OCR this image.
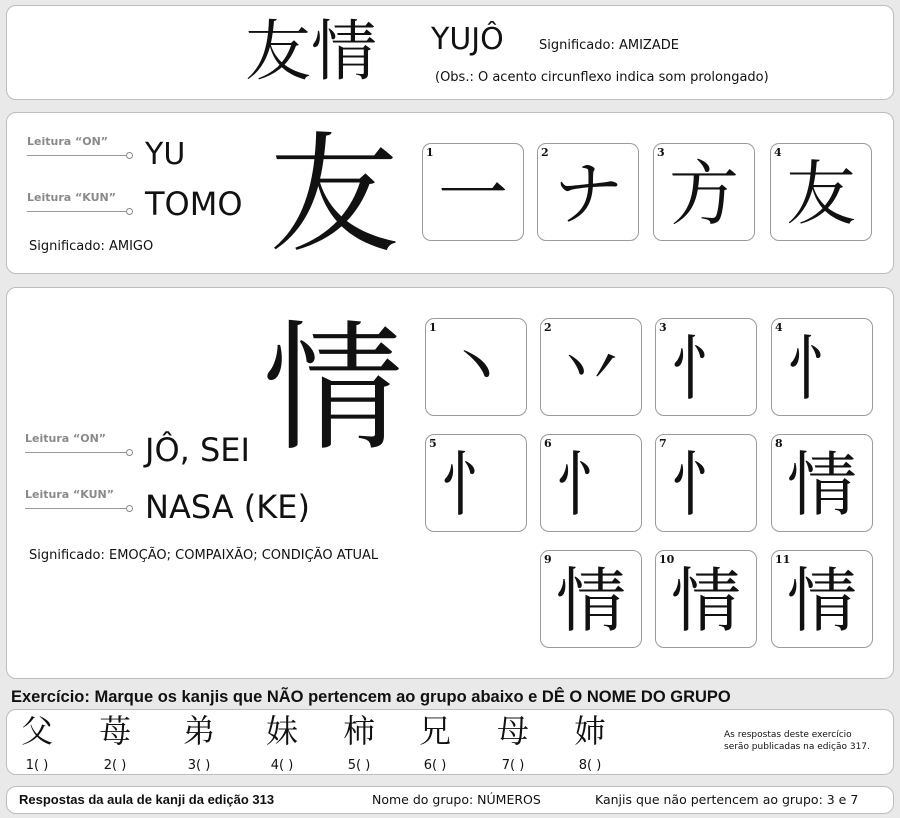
友情 YUJÔ	Significado: AMIZADE
(Obs.: O acento circunflexo indica som prolongado)
Leitura “ON” YU
Leitura “KUN” TOMO
Significado: AMIGO 友 1
一
2
ナ
3
方
4
友
情
Leitura “ON” JÔ, SEI
Leitura “KUN” NASA (KE)
Significado: EMOÇÃO; COMPAIXÃO; CONDIÇÃO ATUAL
1
丶
2
丷
3
忄
4
忄
5
忄
6
忄
7
忄
8
情
9
情
10
情
11
情
Exercício: Marque os kanjis que NÃO pertencem ao grupo abaixo e DÊ O NOME DO GRUPO
父
1( )
苺
2( )
弟
3( )
妹
4( )
柿
5( )
兄
6( )
母
7( )
姉
8( )
As respostas deste exercício
serão publicadas na edição 317.
Respostas da aula de kanji da edição 313	Nome do grupo: NÚMEROS	Kanjis que não pertencem ao grupo: 3 e 7
